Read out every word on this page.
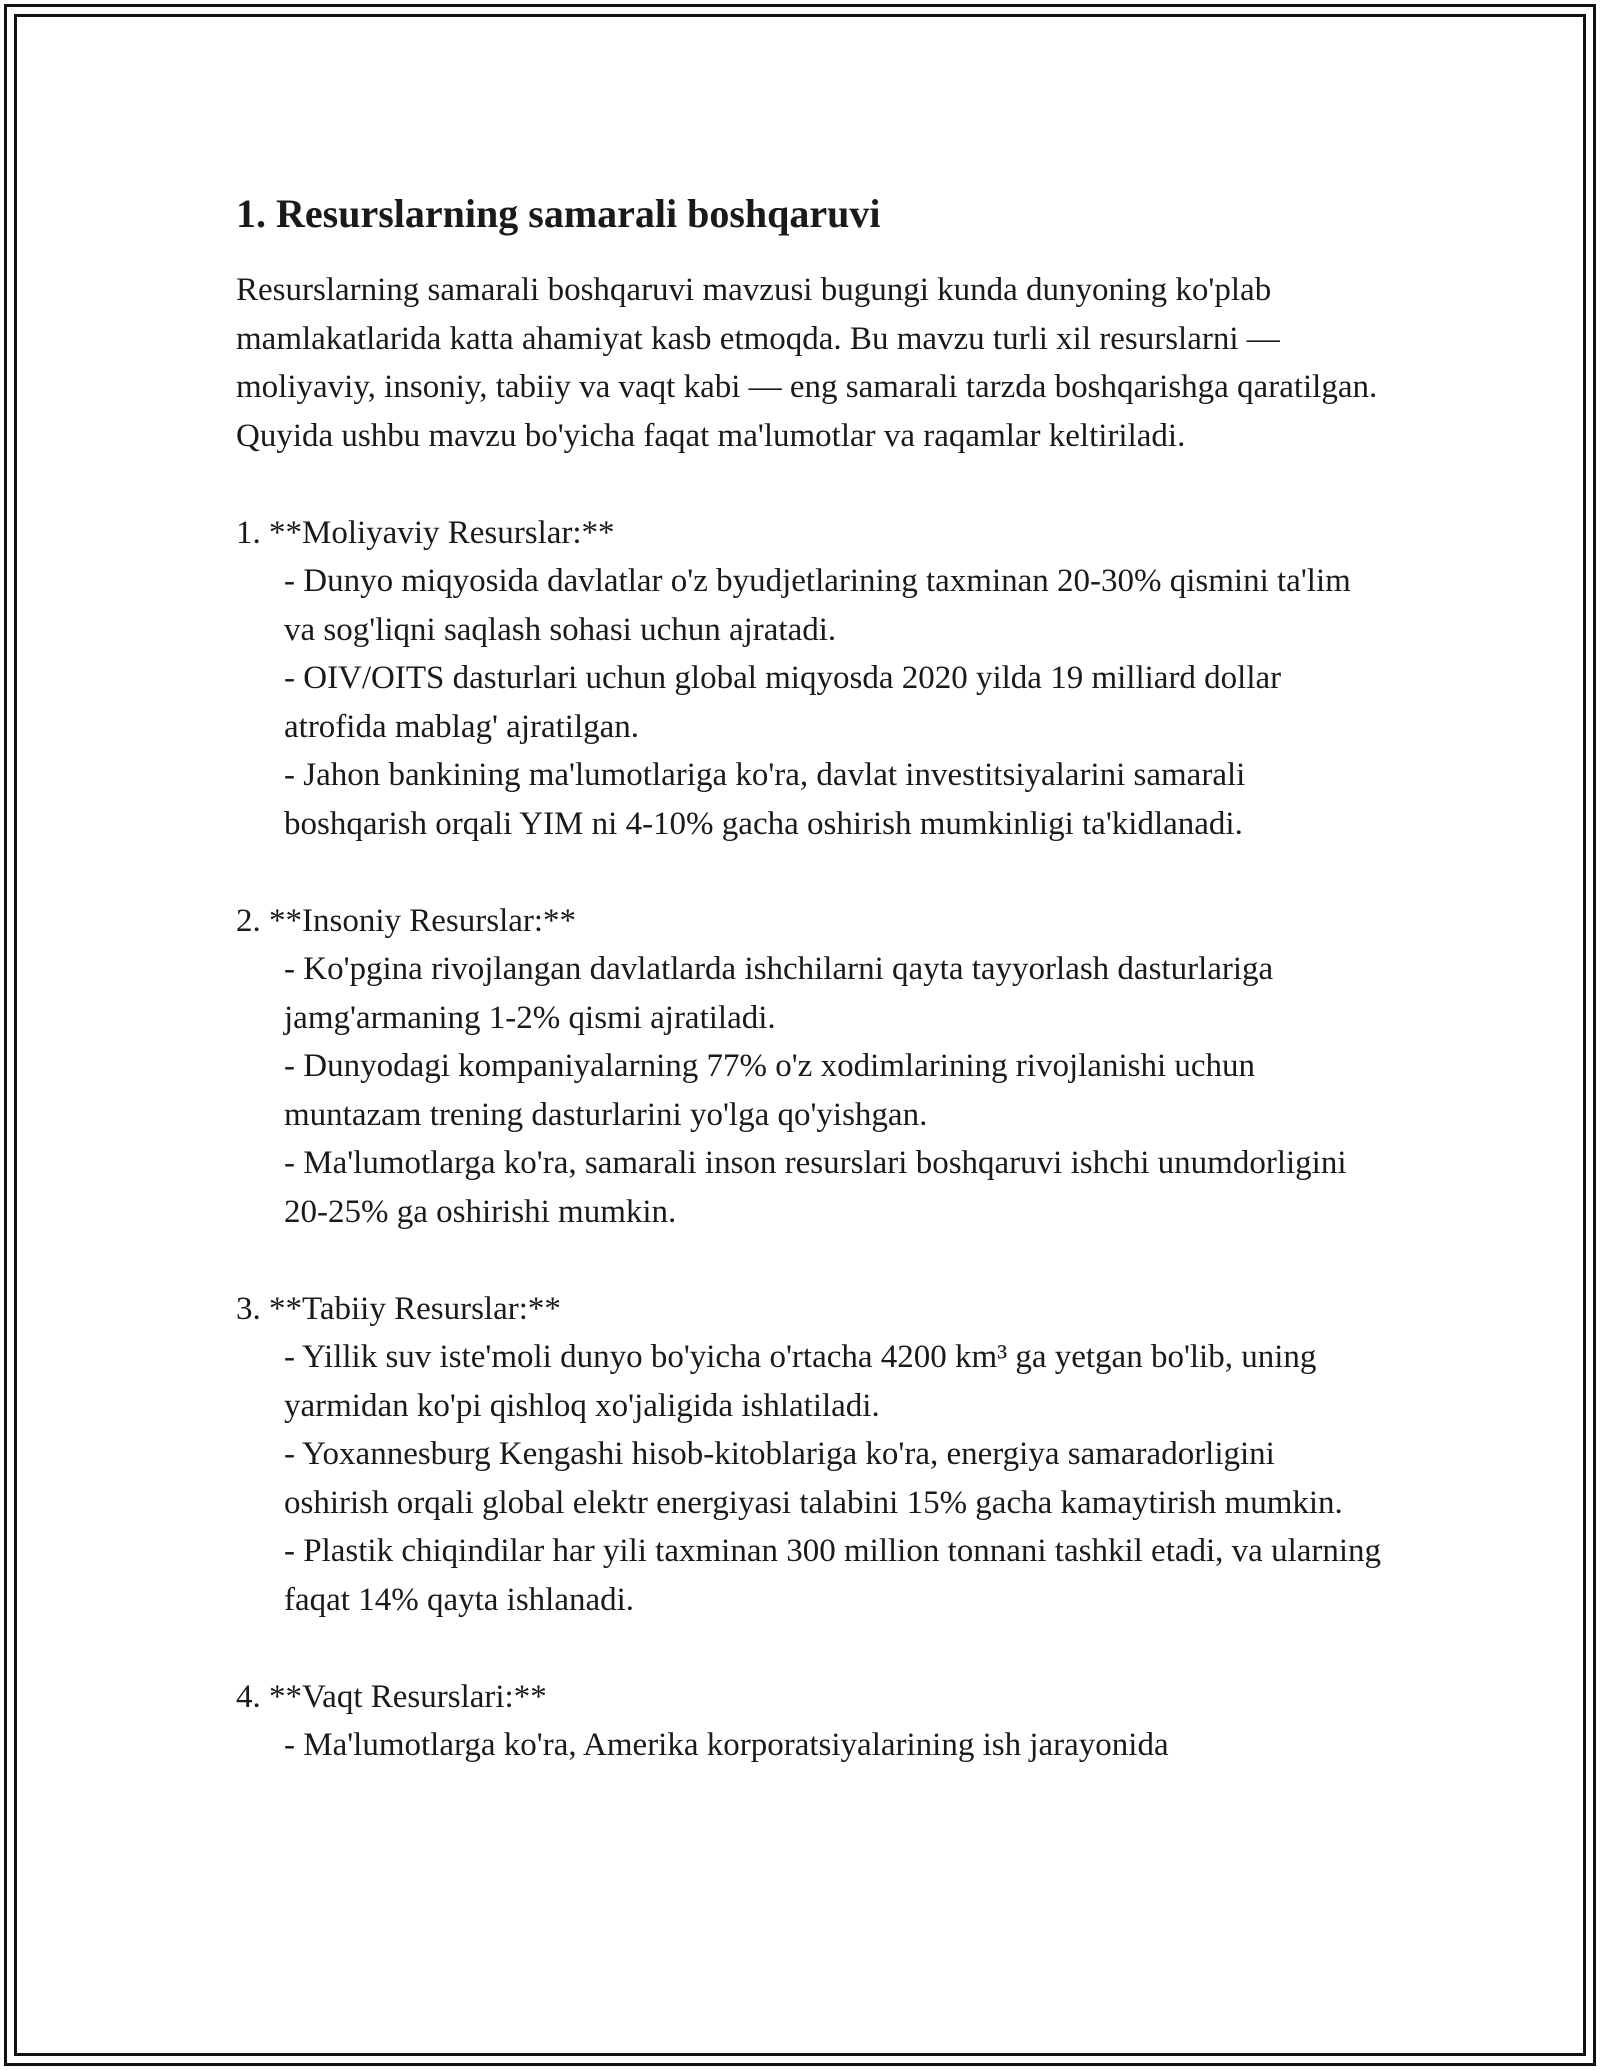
1. Resurslarning samarali boshqaruvi

Resurslarning samarali boshqaruvi mavzusi bugungi kunda dunyoning ko'plab mamlakatlarida katta ahamiyat kasb etmoqda. Bu mavzu turli xil resurslarni — moliyaviy, insoniy, tabiiy va vaqt kabi — eng samarali tarzda boshqarishga qaratilgan. Quyida ushbu mavzu bo'yicha faqat ma'lumotlar va raqamlar keltiriladi.

1. **Moliyaviy Resurslar:**

- Dunyo miqyosida davlatlar o'z byudjetlarining taxminan 20-30% qismini ta'lim va sog'liqni saqlash sohasi uchun ajratadi.

- OIV/OITS dasturlari uchun global miqyosda 2020 yilda 19 milliard dollar atrofida mablag' ajratilgan.

- Jahon bankining ma'lumotlariga ko'ra, davlat investitsiyalarini samarali boshqarish orqali YIM ni 4-10% gacha oshirish mumkinligi ta'kidlanadi.

2. **Insoniy Resurslar:**

- Ko'pgina rivojlangan davlatlarda ishchilarni qayta tayyorlash dasturlariga jamg'armaning 1-2% qismi ajratiladi.

- Dunyodagi kompaniyalarning 77% o'z xodimlarining rivojlanishi uchun muntazam trening dasturlarini yo'lga qo'yishgan.

- Ma'lumotlarga ko'ra, samarali inson resurslari boshqaruvi ishchi unumdorligini 20-25% ga oshirishi mumkin.

3. **Tabiiy Resurslar:**

- Yillik suv iste'moli dunyo bo'yicha o'rtacha 4200 km³ ga yetgan bo'lib, uning yarmidan ko'pi qishloq xo'jaligida ishlatiladi.

- Yoxannesburg Kengashi hisob-kitoblariga ko'ra, energiya samaradorligini oshirish orqali global elektr energiyasi talabini 15% gacha kamaytirish mumkin.

- Plastik chiqindilar har yili taxminan 300 million tonnani tashkil etadi, va ularning faqat 14% qayta ishlanadi.

4. **Vaqt Resurslari:**

- Ma'lumotlarga ko'ra, Amerika korporatsiyalarining ish jarayonida
